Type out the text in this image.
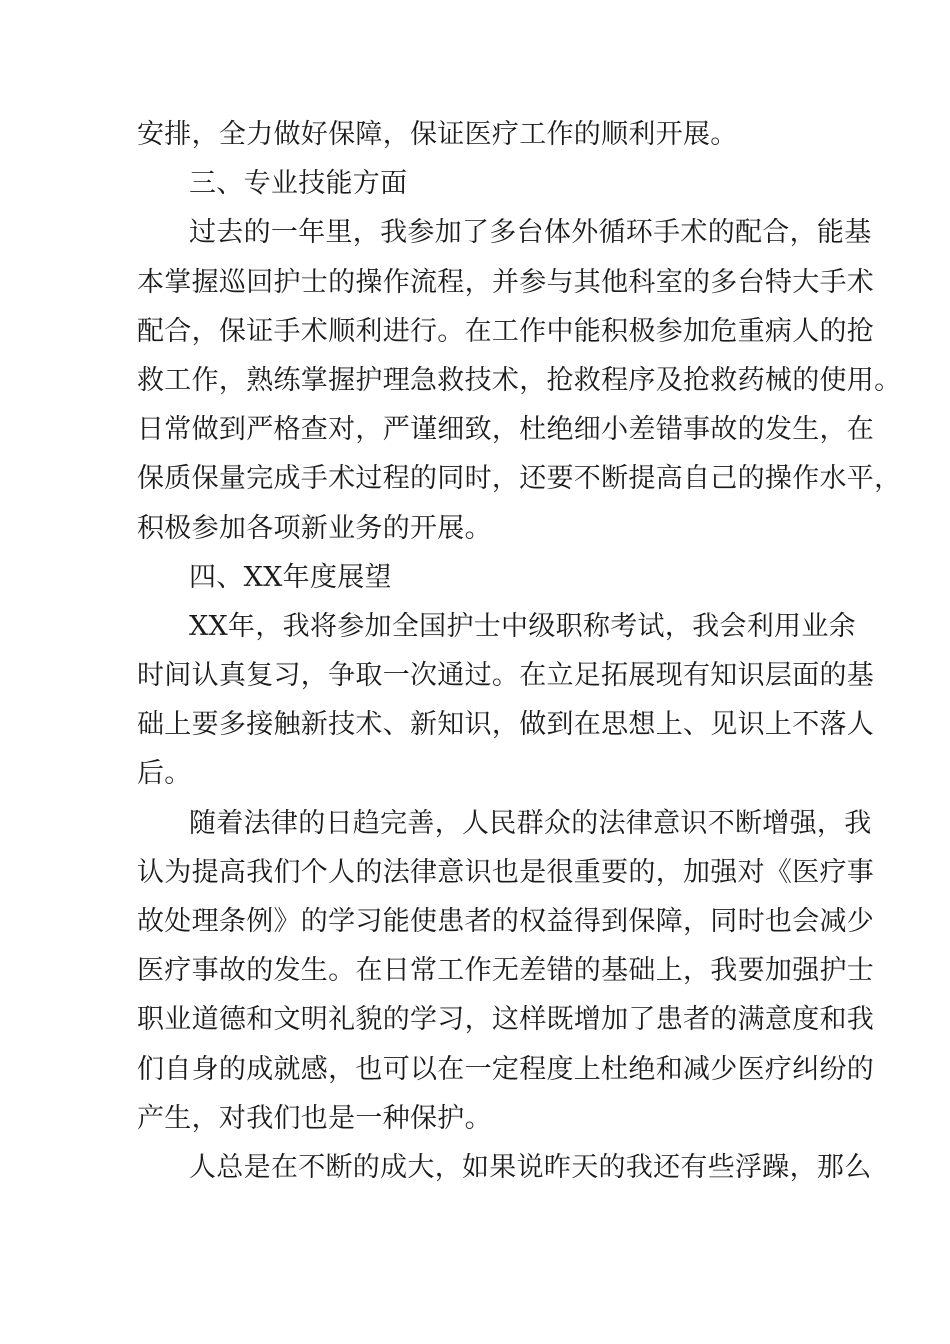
安排，全力做好保障，保证医疗工作的顺利开展。
三、专业技能方面
过去的一年里，我参加了多台体外循环手术的配合，能基
本掌握巡回护士的操作流程，并参与其他科室的多台特大手术
配合，保证手术顺利进行。在工作中能积极参加危重病人的抢
救工作，熟练掌握护理急救技术，抢救程序及抢救药械的使用。
日常做到严格查对，严谨细致，杜绝细小差错事故的发生，在
保质保量完成手术过程的同时，还要不断提高自己的操作水平，
积极参加各项新业务的开展。
四、XX年度展望
XX年，我将参加全国护士中级职称考试，我会利用业余
时间认真复习，争取一次通过。在立足拓展现有知识层面的基
础上要多接触新技术、新知识，做到在思想上、见识上不落人
后。
随着法律的日趋完善，人民群众的法律意识不断增强，我
认为提高我们个人的法律意识也是很重要的，加强对《医疗事
故处理条例》的学习能使患者的权益得到保障，同时也会减少
医疗事故的发生。在日常工作无差错的基础上，我要加强护士
职业道德和文明礼貌的学习，这样既增加了患者的满意度和我
们自身的成就感，也可以在一定程度上杜绝和减少医疗纠纷的
产生，对我们也是一种保护。
人总是在不断的成大，如果说昨天的我还有些浮躁，那么
